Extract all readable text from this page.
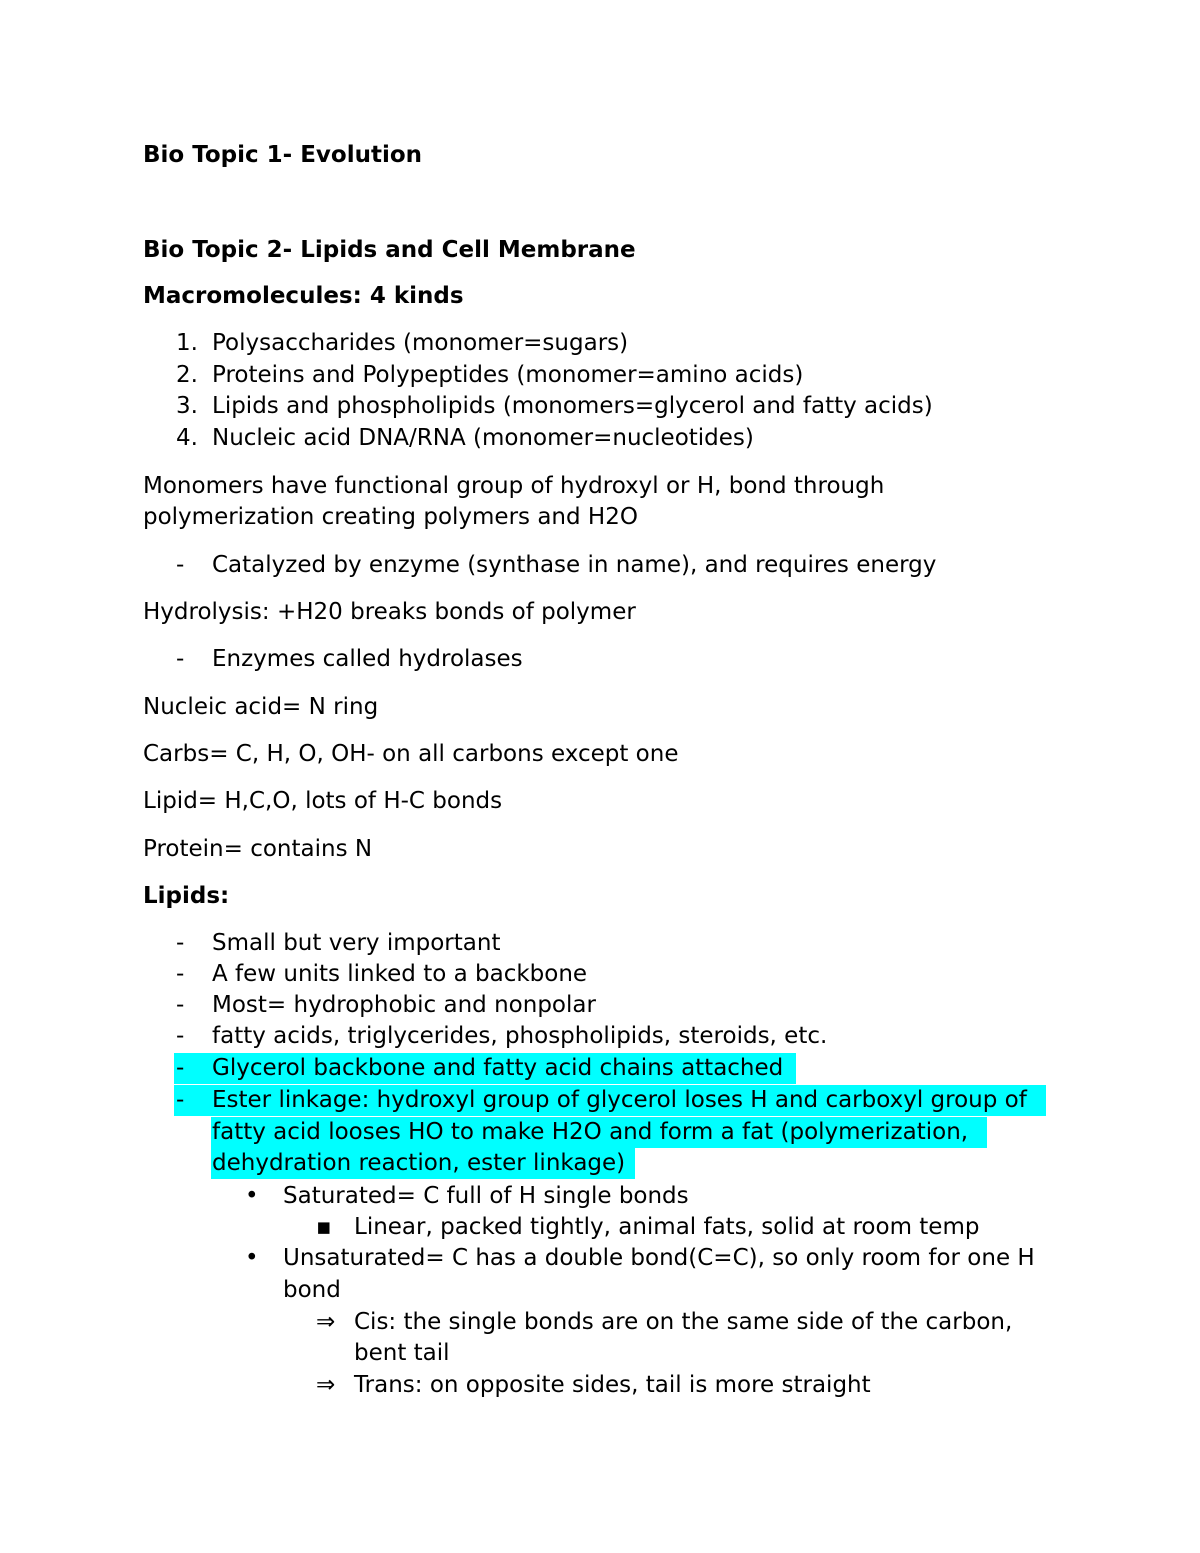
Bio Topic 1- Evolution
Bio Topic 2- Lipids and Cell Membrane
Macromolecules: 4 kinds
1. Polysaccharides (monomer=sugars)
2. Proteins and Polypeptides (monomer=amino acids)
3. Lipids and phospholipids (monomers=glycerol and fatty acids)
4. Nucleic acid DNA/RNA (monomer=nucleotides)
Monomers have functional group of hydroxyl or H, bond through
polymerization creating polymers and H2O
- Catalyzed by enzyme (synthase in name), and requires energy
Hydrolysis: +H20 breaks bonds of polymer
- Enzymes called hydrolases
Nucleic acid= N ring
Carbs= C, H, O, OH- on all carbons except one
Lipid= H,C,O, lots of H-C bonds
Protein= contains N
Lipids:
- Small but very important
- A few units linked to a backbone
- Most= hydrophobic and nonpolar
- fatty acids, triglycerides, phospholipids, steroids, etc.
- Glycerol backbone and fatty acid chains attached
- Ester linkage: hydroxyl group of glycerol loses H and carboxyl group of
fatty acid looses HO to make H2O and form a fat (polymerization,
dehydration reaction, ester linkage)
• Saturated= C full of H single bonds
▪ Linear, packed tightly, animal fats, solid at room temp
• Unsaturated= C has a double bond(C=C), so only room for one H
bond
⇒ Cis: the single bonds are on the same side of the carbon,
bent tail
⇒ Trans: on opposite sides, tail is more straight
